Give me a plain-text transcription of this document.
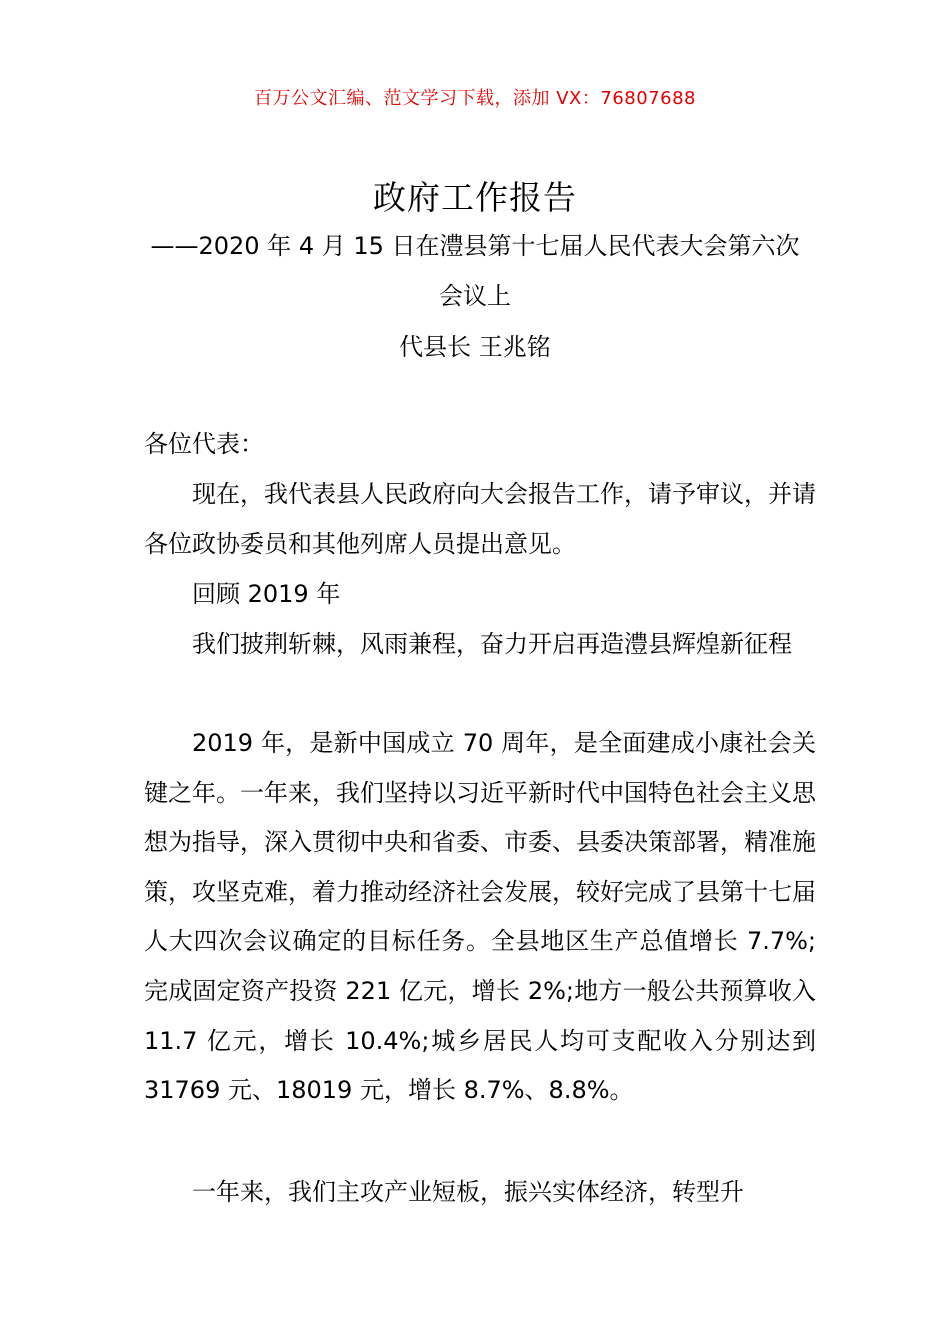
百万公文汇编、范文学习下载，添加 VX：76807688
政府工作报告
——2020 年 4 月 15 日在澧县第十七届人民代表大会第六次
会议上
代县长 王兆铭

各位代表：

现在，我代表县人民政府向大会报告工作，请予审议，并请各位政协委员和其他列席人员提出意见。

回顾 2019 年

我们披荆斩棘，风雨兼程，奋力开启再造澧县辉煌新征程

2019 年，是新中国成立 70 周年，是全面建成小康社会关键之年。一年来，我们坚持以习近平新时代中国特色社会主义思想为指导，深入贯彻中央和省委、市委、县委决策部署，精准施策，攻坚克难，着力推动经济社会发展，较好完成了县第十七届人大四次会议确定的目标任务。全县地区生产总值增长 7.7%;完成固定资产投资 221 亿元，增长 2%;地方一般公共预算收入 11.7 亿元，增长 10.4%;城乡居民人均可支配收入分别达到 31769 元、18019 元，增长 8.7%、8.8%。

一年来，我们主攻产业短板，振兴实体经济，转型升
